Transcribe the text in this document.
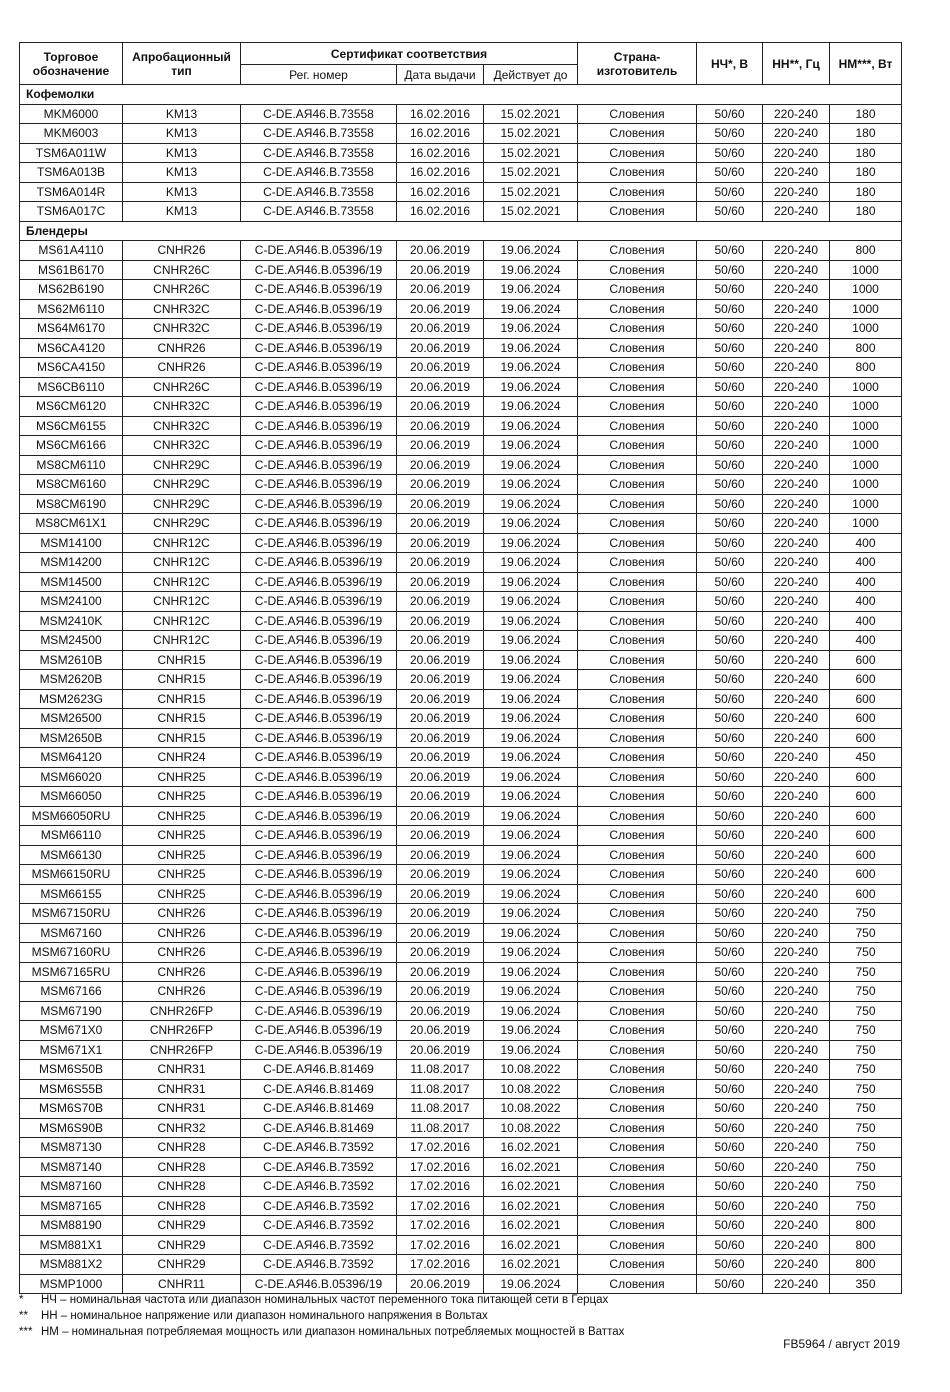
Торговое обозначение	Апробационный тип	Сертификат соответствия			Страна-изготовитель	НЧ*, В	НН**, Гц	НМ***, Вт
		Рег. номер	Дата выдачи	Действует до				
Кофемолки								
MKM6000	KM13	C-DE.АЯ46.В.73558	16.02.2016	15.02.2021	Словения	50/60	220-240	180
MKM6003	KM13	C-DE.АЯ46.В.73558	16.02.2016	15.02.2021	Словения	50/60	220-240	180
TSM6A011W	KM13	C-DE.АЯ46.В.73558	16.02.2016	15.02.2021	Словения	50/60	220-240	180
TSM6A013B	KM13	C-DE.АЯ46.В.73558	16.02.2016	15.02.2021	Словения	50/60	220-240	180
TSM6A014R	KM13	C-DE.АЯ46.В.73558	16.02.2016	15.02.2021	Словения	50/60	220-240	180
TSM6A017C	KM13	C-DE.АЯ46.В.73558	16.02.2016	15.02.2021	Словения	50/60	220-240	180
Блендеры								
MS61A4110	CNHR26	C-DE.АЯ46.В.05396/19	20.06.2019	19.06.2024	Словения	50/60	220-240	800
MS61B6170	CNHR26C	C-DE.АЯ46.В.05396/19	20.06.2019	19.06.2024	Словения	50/60	220-240	1000
MS62B6190	CNHR26C	C-DE.АЯ46.В.05396/19	20.06.2019	19.06.2024	Словения	50/60	220-240	1000
MS62M6110	CNHR32C	C-DE.АЯ46.В.05396/19	20.06.2019	19.06.2024	Словения	50/60	220-240	1000
MS64M6170	CNHR32C	C-DE.АЯ46.В.05396/19	20.06.2019	19.06.2024	Словения	50/60	220-240	1000
MS6CA4120	CNHR26	C-DE.АЯ46.В.05396/19	20.06.2019	19.06.2024	Словения	50/60	220-240	800
MS6CA4150	CNHR26	C-DE.АЯ46.В.05396/19	20.06.2019	19.06.2024	Словения	50/60	220-240	800
MS6CB6110	CNHR26C	C-DE.АЯ46.В.05396/19	20.06.2019	19.06.2024	Словения	50/60	220-240	1000
MS6CM6120	CNHR32C	C-DE.АЯ46.В.05396/19	20.06.2019	19.06.2024	Словения	50/60	220-240	1000
MS6CM6155	CNHR32C	C-DE.АЯ46.В.05396/19	20.06.2019	19.06.2024	Словения	50/60	220-240	1000
MS6CM6166	CNHR32C	C-DE.АЯ46.В.05396/19	20.06.2019	19.06.2024	Словения	50/60	220-240	1000
MS8CM6110	CNHR29C	C-DE.АЯ46.В.05396/19	20.06.2019	19.06.2024	Словения	50/60	220-240	1000
MS8CM6160	CNHR29C	C-DE.АЯ46.В.05396/19	20.06.2019	19.06.2024	Словения	50/60	220-240	1000
MS8CM6190	CNHR29C	C-DE.АЯ46.В.05396/19	20.06.2019	19.06.2024	Словения	50/60	220-240	1000
MS8CM61X1	CNHR29C	C-DE.АЯ46.В.05396/19	20.06.2019	19.06.2024	Словения	50/60	220-240	1000
MSM14100	CNHR12C	C-DE.АЯ46.В.05396/19	20.06.2019	19.06.2024	Словения	50/60	220-240	400
MSM14200	CNHR12C	C-DE.АЯ46.В.05396/19	20.06.2019	19.06.2024	Словения	50/60	220-240	400
MSM14500	CNHR12C	C-DE.АЯ46.В.05396/19	20.06.2019	19.06.2024	Словения	50/60	220-240	400
MSM24100	CNHR12C	C-DE.АЯ46.В.05396/19	20.06.2019	19.06.2024	Словения	50/60	220-240	400
MSM2410K	CNHR12C	C-DE.АЯ46.В.05396/19	20.06.2019	19.06.2024	Словения	50/60	220-240	400
MSM24500	CNHR12C	C-DE.АЯ46.В.05396/19	20.06.2019	19.06.2024	Словения	50/60	220-240	400
MSM2610B	CNHR15	C-DE.АЯ46.В.05396/19	20.06.2019	19.06.2024	Словения	50/60	220-240	600
MSM2620B	CNHR15	C-DE.АЯ46.В.05396/19	20.06.2019	19.06.2024	Словения	50/60	220-240	600
MSM2623G	CNHR15	C-DE.АЯ46.В.05396/19	20.06.2019	19.06.2024	Словения	50/60	220-240	600
MSM26500	CNHR15	C-DE.АЯ46.В.05396/19	20.06.2019	19.06.2024	Словения	50/60	220-240	600
MSM2650B	CNHR15	C-DE.АЯ46.В.05396/19	20.06.2019	19.06.2024	Словения	50/60	220-240	600
MSM64120	CNHR24	C-DE.АЯ46.В.05396/19	20.06.2019	19.06.2024	Словения	50/60	220-240	450
MSM66020	CNHR25	C-DE.АЯ46.В.05396/19	20.06.2019	19.06.2024	Словения	50/60	220-240	600
MSM66050	CNHR25	C-DE.АЯ46.В.05396/19	20.06.2019	19.06.2024	Словения	50/60	220-240	600
MSM66050RU	CNHR25	C-DE.АЯ46.В.05396/19	20.06.2019	19.06.2024	Словения	50/60	220-240	600
MSM66110	CNHR25	C-DE.АЯ46.В.05396/19	20.06.2019	19.06.2024	Словения	50/60	220-240	600
MSM66130	CNHR25	C-DE.АЯ46.В.05396/19	20.06.2019	19.06.2024	Словения	50/60	220-240	600
MSM66150RU	CNHR25	C-DE.АЯ46.В.05396/19	20.06.2019	19.06.2024	Словения	50/60	220-240	600
MSM66155	CNHR25	C-DE.АЯ46.В.05396/19	20.06.2019	19.06.2024	Словения	50/60	220-240	600
MSM67150RU	CNHR26	C-DE.АЯ46.В.05396/19	20.06.2019	19.06.2024	Словения	50/60	220-240	750
MSM67160	CNHR26	C-DE.АЯ46.В.05396/19	20.06.2019	19.06.2024	Словения	50/60	220-240	750
MSM67160RU	CNHR26	C-DE.АЯ46.В.05396/19	20.06.2019	19.06.2024	Словения	50/60	220-240	750
MSM67165RU	CNHR26	C-DE.АЯ46.В.05396/19	20.06.2019	19.06.2024	Словения	50/60	220-240	750
MSM67166	CNHR26	C-DE.АЯ46.В.05396/19	20.06.2019	19.06.2024	Словения	50/60	220-240	750
MSM67190	CNHR26FP	C-DE.АЯ46.В.05396/19	20.06.2019	19.06.2024	Словения	50/60	220-240	750
MSM671X0	CNHR26FP	C-DE.АЯ46.В.05396/19	20.06.2019	19.06.2024	Словения	50/60	220-240	750
MSM671X1	CNHR26FP	C-DE.АЯ46.В.05396/19	20.06.2019	19.06.2024	Словения	50/60	220-240	750
MSM6S50B	CNHR31	C-DE.АЯ46.В.81469	11.08.2017	10.08.2022	Словения	50/60	220-240	750
MSM6S55B	CNHR31	C-DE.АЯ46.В.81469	11.08.2017	10.08.2022	Словения	50/60	220-240	750
MSM6S70B	CNHR31	C-DE.АЯ46.В.81469	11.08.2017	10.08.2022	Словения	50/60	220-240	750
MSM6S90B	CNHR32	C-DE.АЯ46.В.81469	11.08.2017	10.08.2022	Словения	50/60	220-240	750
MSM87130	CNHR28	C-DE.АЯ46.В.73592	17.02.2016	16.02.2021	Словения	50/60	220-240	750
MSM87140	CNHR28	C-DE.АЯ46.В.73592	17.02.2016	16.02.2021	Словения	50/60	220-240	750
MSM87160	CNHR28	C-DE.АЯ46.В.73592	17.02.2016	16.02.2021	Словения	50/60	220-240	750
MSM87165	CNHR28	C-DE.АЯ46.В.73592	17.02.2016	16.02.2021	Словения	50/60	220-240	750
MSM88190	CNHR29	C-DE.АЯ46.В.73592	17.02.2016	16.02.2021	Словения	50/60	220-240	800
MSM881X1	CNHR29	C-DE.АЯ46.В.73592	17.02.2016	16.02.2021	Словения	50/60	220-240	800
MSM881X2	CNHR29	C-DE.АЯ46.В.73592	17.02.2016	16.02.2021	Словения	50/60	220-240	800
MSMP1000	CNHR11	C-DE.АЯ46.В.05396/19	20.06.2019	19.06.2024	Словения	50/60	220-240	350
*	НЧ – номинальная частота или диапазон номинальных частот переменного тока питающей сети в Герцах
**	НН – номинальное напряжение или диапазон номинального напряжения в Вольтах
*** НМ – номинальная потребляемая мощность или диапазон номинальных потребляемых мощностей в Ваттах
FB5964 / август 2019
